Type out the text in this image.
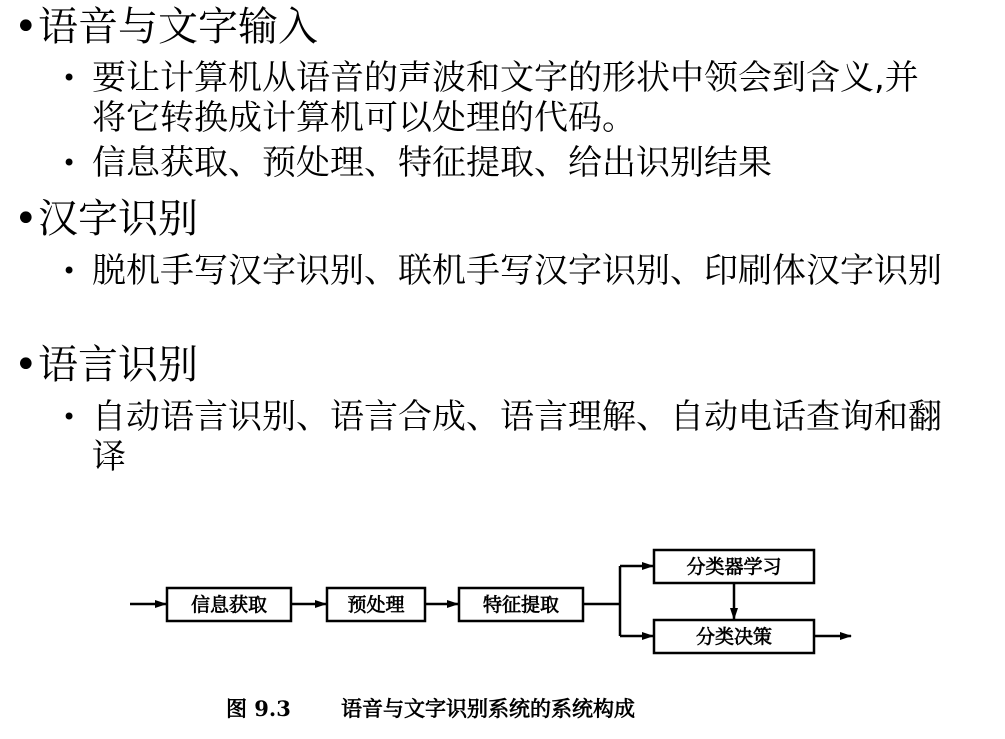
•语音与文字输入
• 要让计算机从语音的声波和文字的形状中领会到含义,并将它转换成计算机可以处理的代码。
• 信息获取、预处理、特征提取、给出识别结果
•汉字识别
• 脱机手写汉字识别、联机手写汉字识别、印刷体汉字识别
•语言识别
• 自动语言识别、语言合成、语言理解、自动电话查询和翻译
信息获取	预处理	特征提取
分类器学习
分类决策
图 9.3 语音与文字识别系统的系统构成
